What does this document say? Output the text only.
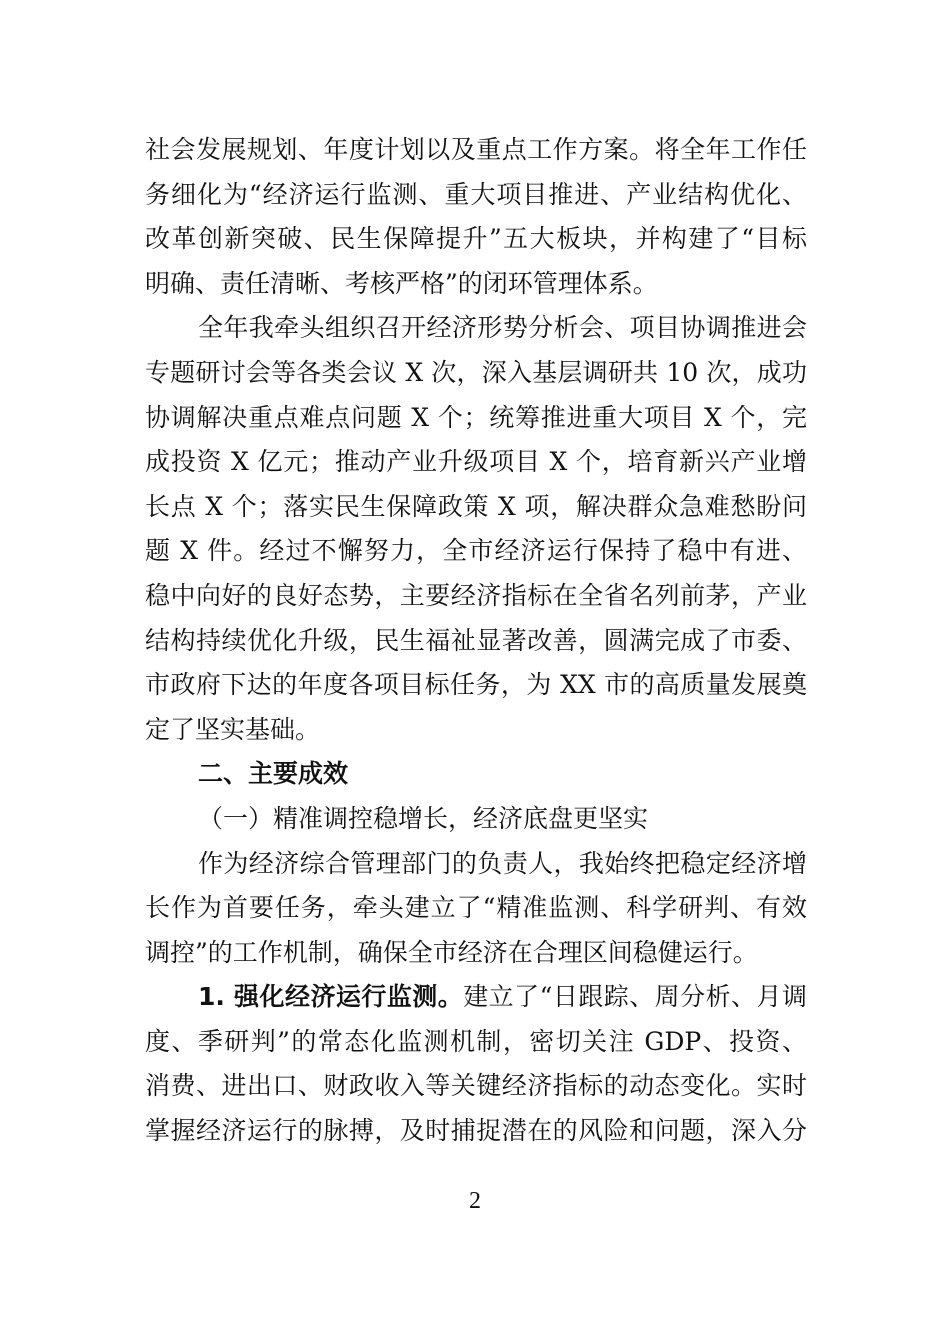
社会发展规划、年度计划以及重点工作方案。将全年工作任
务细化为“经济运行监测、重大项目推进、产业结构优化、
改革创新突破、民生保障提升”五大板块，并构建了“目标
明确、责任清晰、考核严格”的闭环管理体系。
全年我牵头组织召开经济形势分析会、项目协调推进会
专题研讨会等各类会议 X 次，深入基层调研共 10 次，成功
协调解决重点难点问题 X 个；统筹推进重大项目 X 个，完
成投资 X 亿元；推动产业升级项目 X 个，培育新兴产业增
长点 X 个；落实民生保障政策 X 项，解决群众急难愁盼问
题 X 件。经过不懈努力，全市经济运行保持了稳中有进、
稳中向好的良好态势，主要经济指标在全省名列前茅，产业
结构持续优化升级，民生福祉显著改善，圆满完成了市委、
市政府下达的年度各项目标任务，为 XX 市的高质量发展奠
定了坚实基础。
二、主要成效
（一）精准调控稳增长，经济底盘更坚实
作为经济综合管理部门的负责人，我始终把稳定经济增
长作为首要任务，牵头建立了“精准监测、科学研判、有效
调控”的工作机制，确保全市经济在合理区间稳健运行。
1. 强化经济运行监测。建立了“日跟踪、周分析、月调
度、季研判”的常态化监测机制，密切关注 GDP、投资、
消费、进出口、财政收入等关键经济指标的动态变化。实时
掌握经济运行的脉搏，及时捕捉潜在的风险和问题，深入分
2
